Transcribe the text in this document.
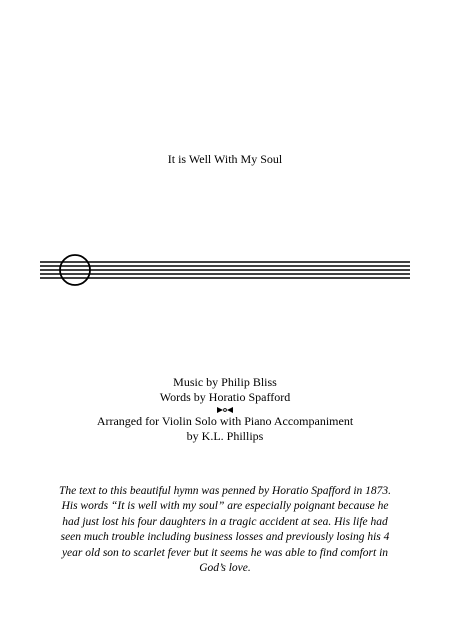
It is Well With My Soul
Music by Philip Bliss
Words by Horatio Spafford
Arranged for Violin Solo with Piano Accompaniment
by K.L. Phillips
The text to this beautiful hymn was penned by Horatio Spafford in 1873.
His words “It is well with my soul” are especially poignant because he
had just lost his four daughters in a tragic accident at sea. His life had
seen much trouble including business losses and previously losing his 4
year old son to scarlet fever but it seems he was able to find comfort in
God’s love.
